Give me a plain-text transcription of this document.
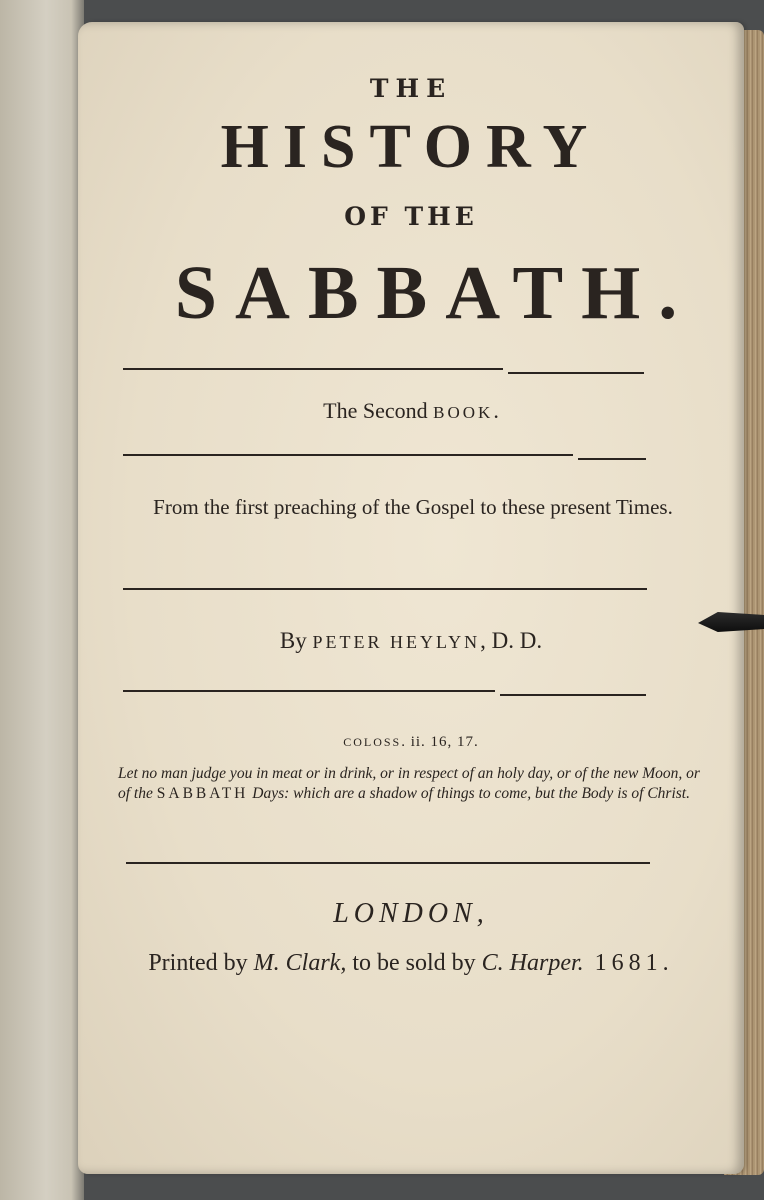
THE
HISTORY
OF THE
SABBATH.
The Second BOOK.
From the first preaching of the Gospel to these present Times.
By PETER HEYLYN, D. D.
COLOSS. ii. 16, 17.
Let no man judge you in meat or in drink, or in respect of an holy day, or of the new Moon, or of the SABBATH Days: which are a shadow of things to come, but the Body is of Christ.
LONDON,
Printed by M. Clark, to be sold by C. Harper. 1681.
